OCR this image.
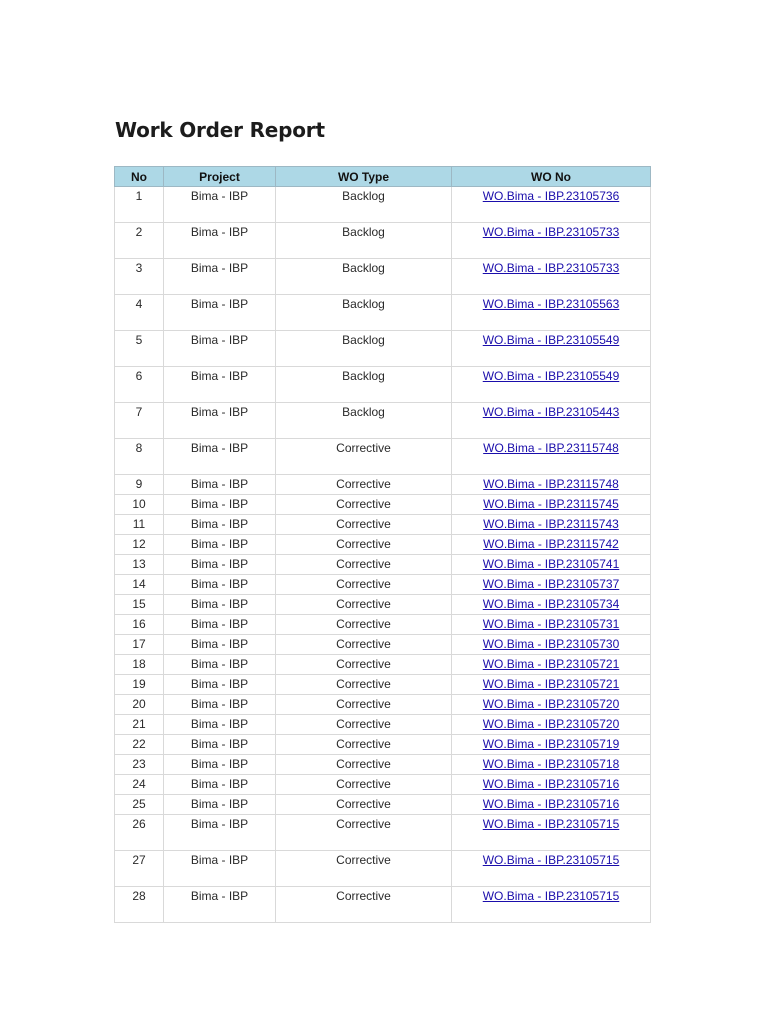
Work Order Report
No	Project	WO Type	WO No
1	Bima - IBP	Backlog	WO.Bima - IBP.23105736
2	Bima - IBP	Backlog	WO.Bima - IBP.23105733
3	Bima - IBP	Backlog	WO.Bima - IBP.23105733
4	Bima - IBP	Backlog	WO.Bima - IBP.23105563
5	Bima - IBP	Backlog	WO.Bima - IBP.23105549
6	Bima - IBP	Backlog	WO.Bima - IBP.23105549
7	Bima - IBP	Backlog	WO.Bima - IBP.23105443
8	Bima - IBP	Corrective	WO.Bima - IBP.23115748
9	Bima - IBP	Corrective	WO.Bima - IBP.23115748
10	Bima - IBP	Corrective	WO.Bima - IBP.23115745
11	Bima - IBP	Corrective	WO.Bima - IBP.23115743
12	Bima - IBP	Corrective	WO.Bima - IBP.23115742
13	Bima - IBP	Corrective	WO.Bima - IBP.23105741
14	Bima - IBP	Corrective	WO.Bima - IBP.23105737
15	Bima - IBP	Corrective	WO.Bima - IBP.23105734
16	Bima - IBP	Corrective	WO.Bima - IBP.23105731
17	Bima - IBP	Corrective	WO.Bima - IBP.23105730
18	Bima - IBP	Corrective	WO.Bima - IBP.23105721
19	Bima - IBP	Corrective	WO.Bima - IBP.23105721
20	Bima - IBP	Corrective	WO.Bima - IBP.23105720
21	Bima - IBP	Corrective	WO.Bima - IBP.23105720
22	Bima - IBP	Corrective	WO.Bima - IBP.23105719
23	Bima - IBP	Corrective	WO.Bima - IBP.23105718
24	Bima - IBP	Corrective	WO.Bima - IBP.23105716
25	Bima - IBP	Corrective	WO.Bima - IBP.23105716
26	Bima - IBP	Corrective	WO.Bima - IBP.23105715
27	Bima - IBP	Corrective	WO.Bima - IBP.23105715
28	Bima - IBP	Corrective	WO.Bima - IBP.23105715
